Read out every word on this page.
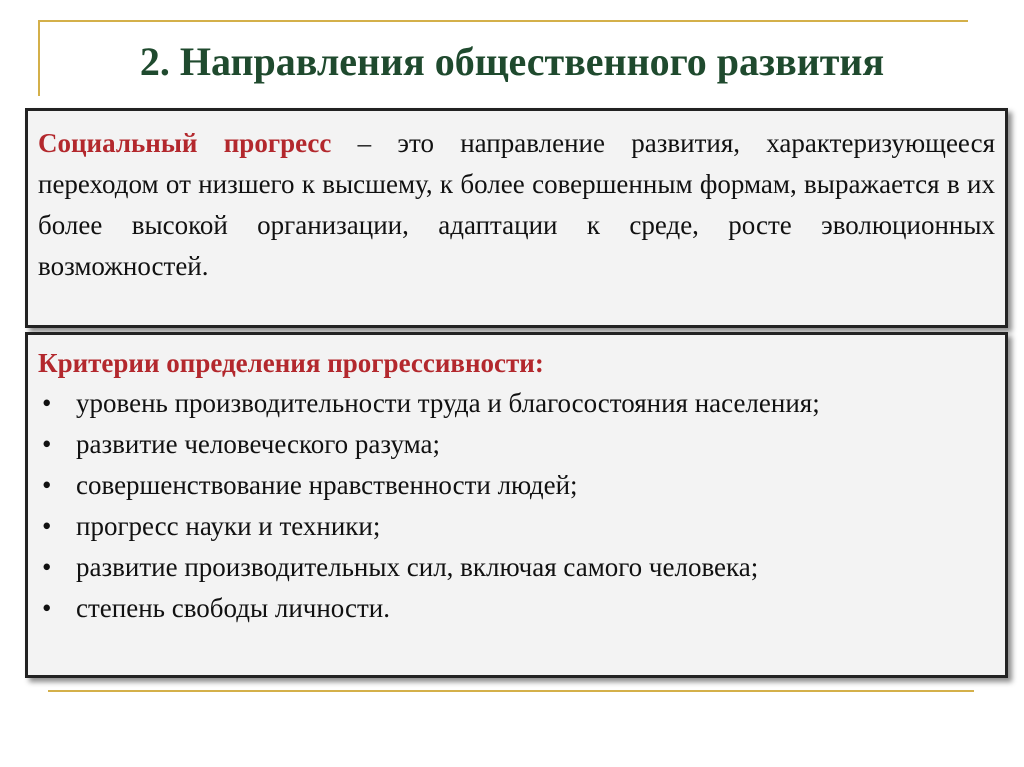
2. Направления общественного развития

Социальный прогресс – это направление развития, характеризующееся переходом от низшего к высшему, к более совершенным формам, выражается в их более высокой организации, адаптации к среде, росте эволюционных возможностей.

Критерии определения прогрессивности:

• уровень производительности труда и благосостояния населения;
• развитие человеческого разума;
• совершенствование нравственности людей;
• прогресс науки и техники;
• развитие производительных сил, включая самого человека;
• степень свободы личности.
